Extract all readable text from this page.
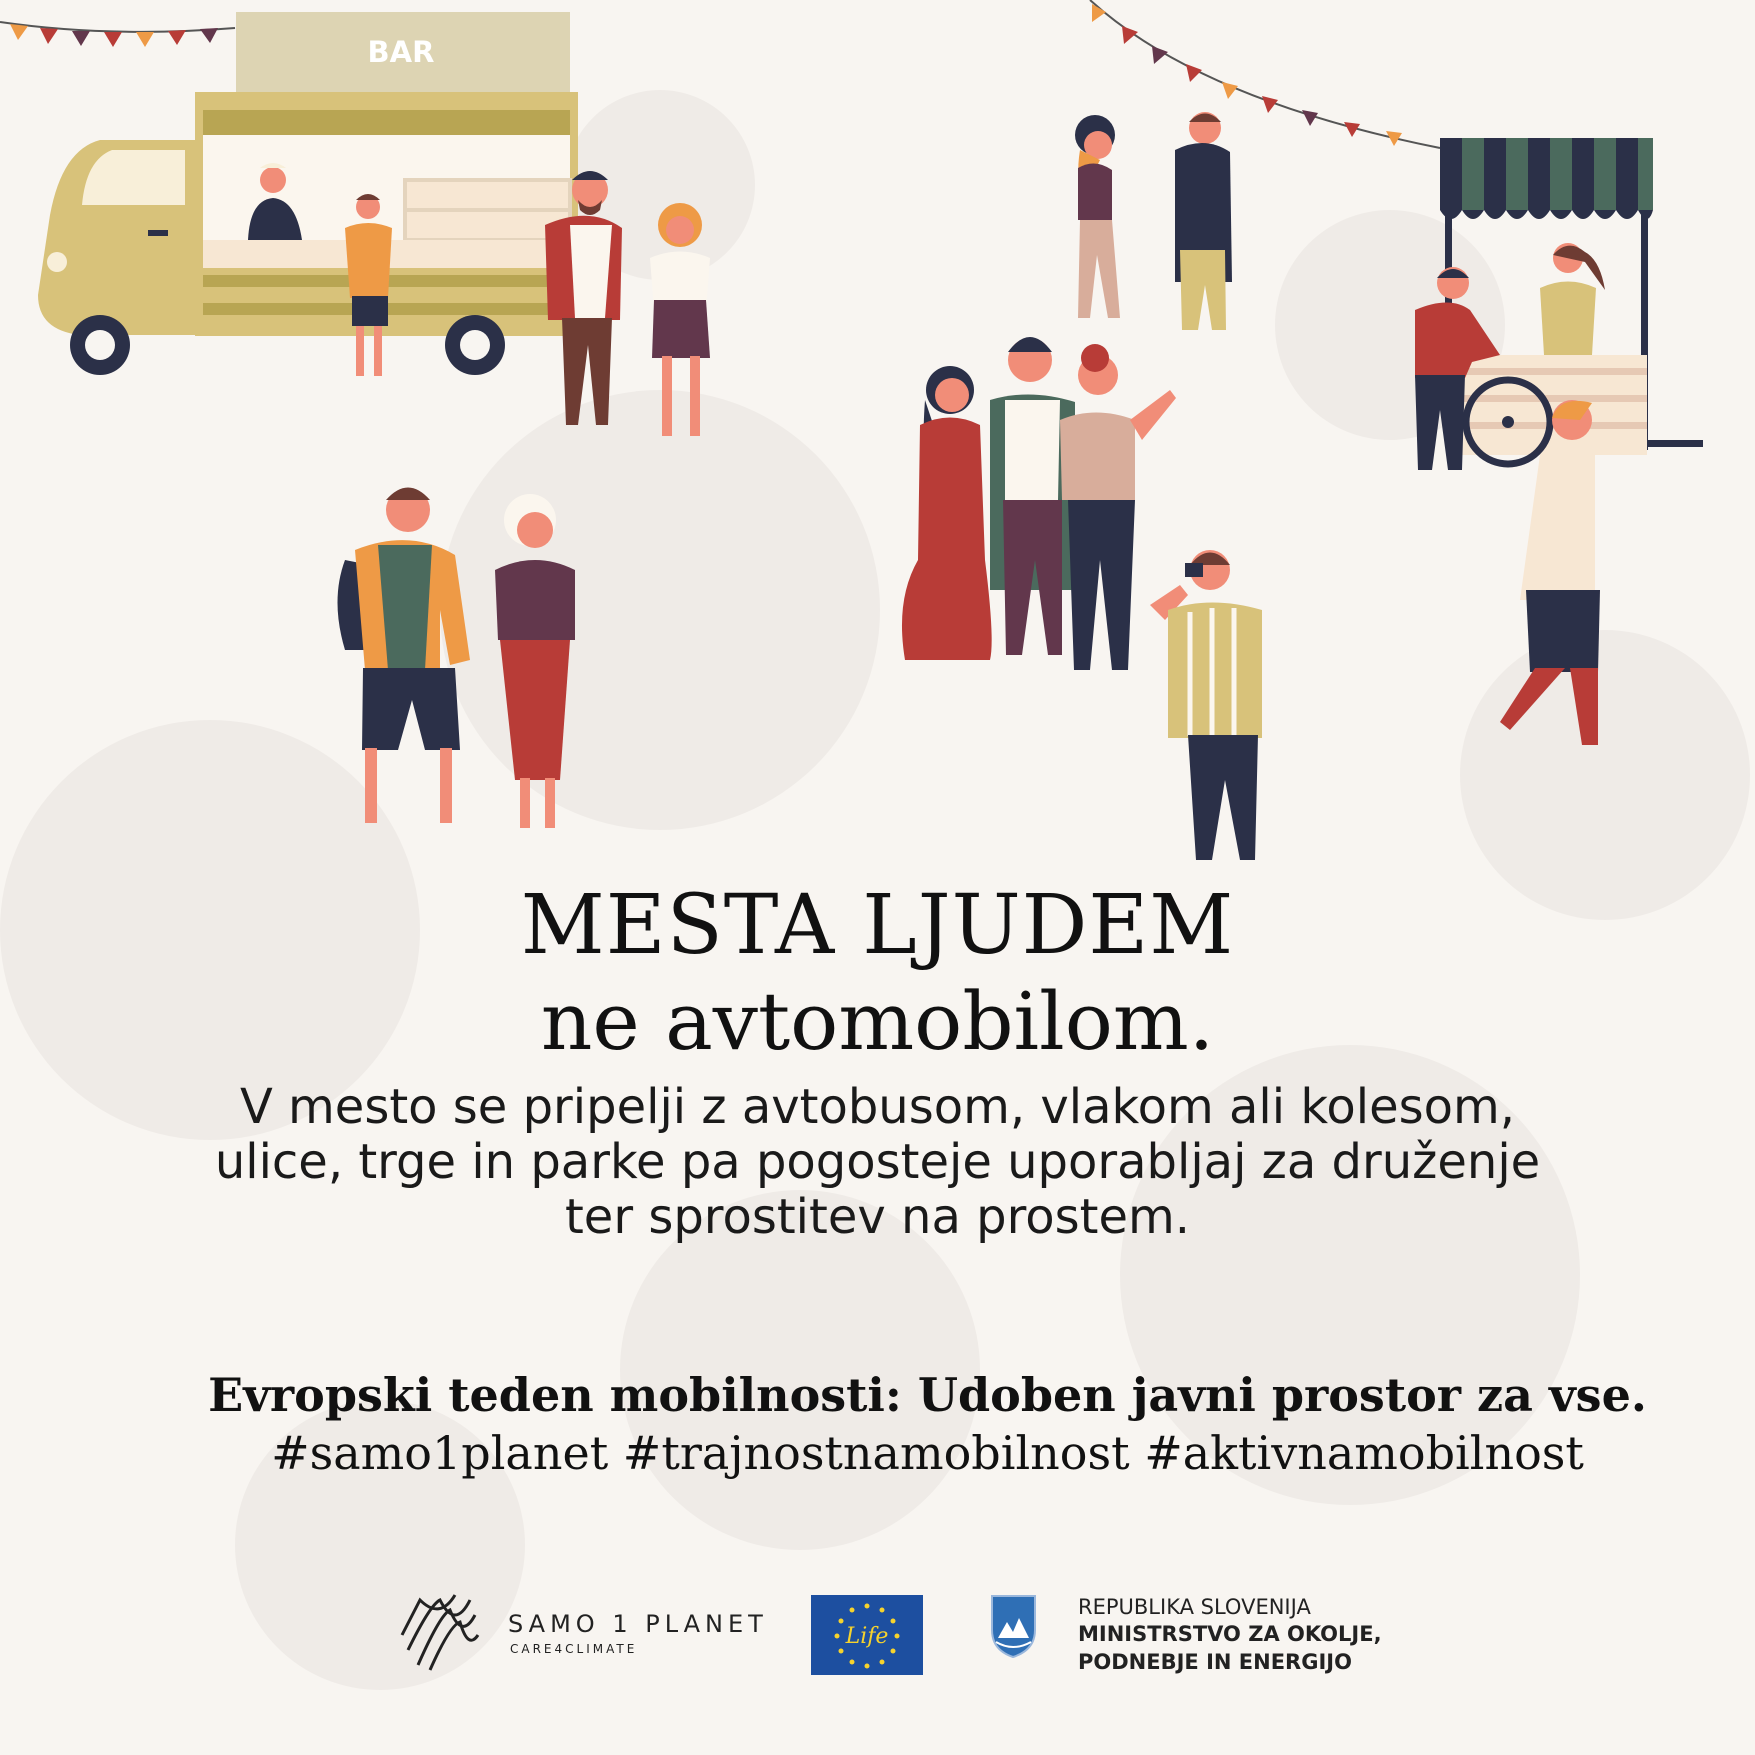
BAR
Life
MESTA LJUDEM
ne avtomobilom.

V mesto se pripelji z avtobusom, vlakom ali kolesom,
ulice, trge in parke pa pogosteje uporabljaj za druženje
ter sprostitev na prostem.

Evropski teden mobilnosti: Udoben javni prostor za vse.

#samo1planet #trajnostnamobilnost #aktivnamobilnost

SAMO 1 PLANET
CARE4CLIMATE
REPUBLIKA SLOVENIJA
MINISTRSTVO ZA OKOLJE,
PODNEBJE IN ENERGIJO
